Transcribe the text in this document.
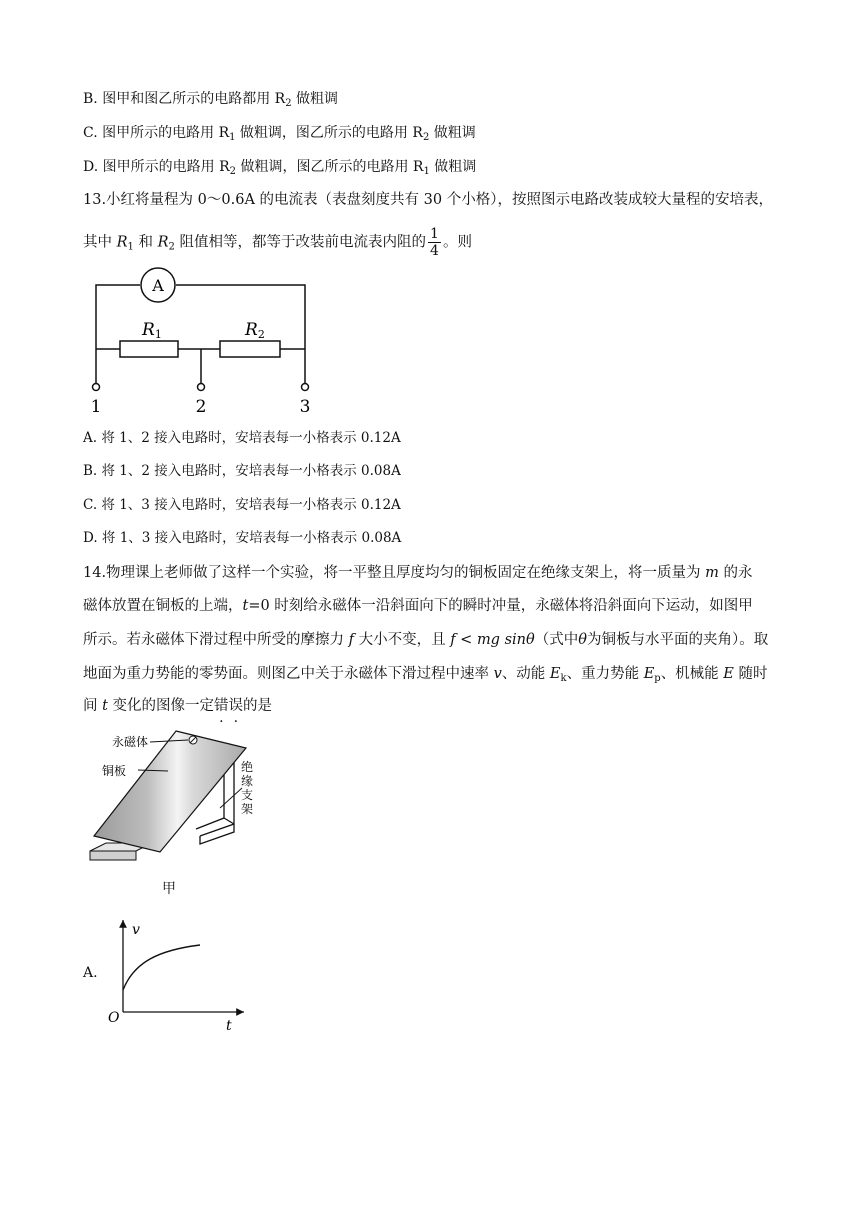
B. 图甲和图乙所示的电路都用 $R_2$ 做粗调
C. 图甲所示的电路用 $R_1$ 做粗调，图乙所示的电路用 $R_2$ 做粗调
D. 图甲所示的电路用 $R_2$ 做粗调，图乙所示的电路用 $R_1$ 做粗调
13.小红将量程为 0～0.6A 的电流表（表盘刻度共有 30 个小格），按照图示电路改装成较大量程的安培表，
其中 $R_1$ 和 $R_2$ 阻值相等，都等于改装前电流表内阻的 $\frac{1}{4}$ 。则
A
R1	R2
1	2	3
A. 将 1、2 接入电路时，安培表每一小格表示 0.12A
B. 将 1、2 接入电路时，安培表每一小格表示 0.08A
C. 将 1、3 接入电路时，安培表每一小格表示 0.12A
D. 将 1、3 接入电路时，安培表每一小格表示 0.08A
14.物理课上老师做了这样一个实验，将一平整且厚度均匀的铜板固定在绝缘支架上，将一质量为 m 的永
磁体放置在铜板的上端，t=0 时刻给永磁体一沿斜面向下的瞬时冲量，永磁体将沿斜面向下运动，如图甲
所示。若永磁体下滑过程中所受的摩擦力 f 大小不变，且 f < mg sinθ（式中θ为铜板与水平面的夹角）。取
地面为重力势能的零势面。则图乙中关于永磁体下滑过程中速率 v、动能 $E_k$、重力势能 $E_p$、机械能 E 随时
间 t 变化的图像一定错误的是
永磁体
铜板	绝缘支架
甲
A.
v
t
O
